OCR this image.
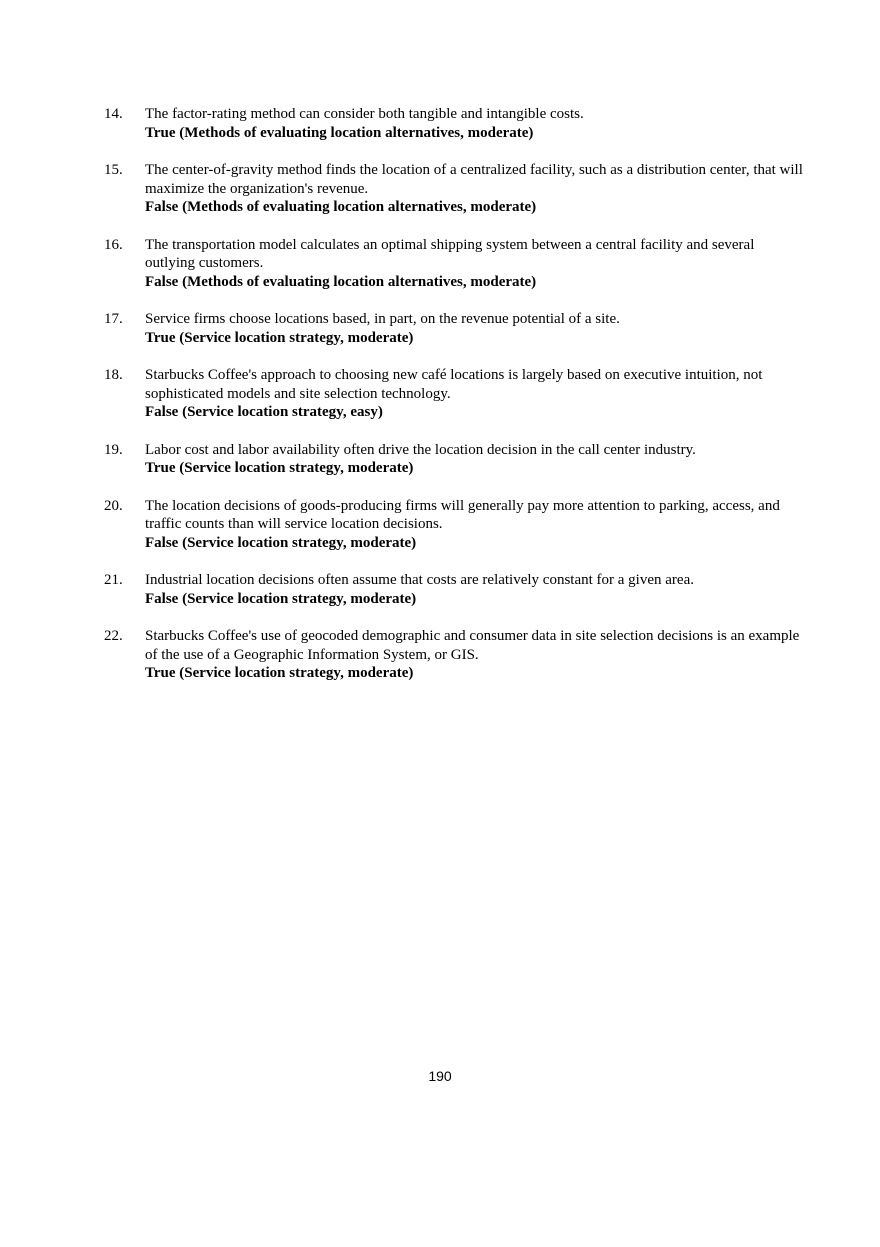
14. The factor-rating method can consider both tangible and intangible costs.
True (Methods of evaluating location alternatives, moderate)
15. The center-of-gravity method finds the location of a centralized facility, such as a distribution center, that will maximize the organization's revenue.
False (Methods of evaluating location alternatives, moderate)
16. The transportation model calculates an optimal shipping system between a central facility and several outlying customers.
False (Methods of evaluating location alternatives, moderate)
17. Service firms choose locations based, in part, on the revenue potential of a site.
True (Service location strategy, moderate)
18. Starbucks Coffee's approach to choosing new café locations is largely based on executive intuition, not sophisticated models and site selection technology.
False (Service location strategy, easy)
19. Labor cost and labor availability often drive the location decision in the call center industry.
True (Service location strategy, moderate)
20. The location decisions of goods-producing firms will generally pay more attention to parking, access, and traffic counts than will service location decisions.
False (Service location strategy, moderate)
21. Industrial location decisions often assume that costs are relatively constant for a given area.
False (Service location strategy, moderate)
22. Starbucks Coffee's use of geocoded demographic and consumer data in site selection decisions is an example of the use of a Geographic Information System, or GIS.
True (Service location strategy, moderate)
190
